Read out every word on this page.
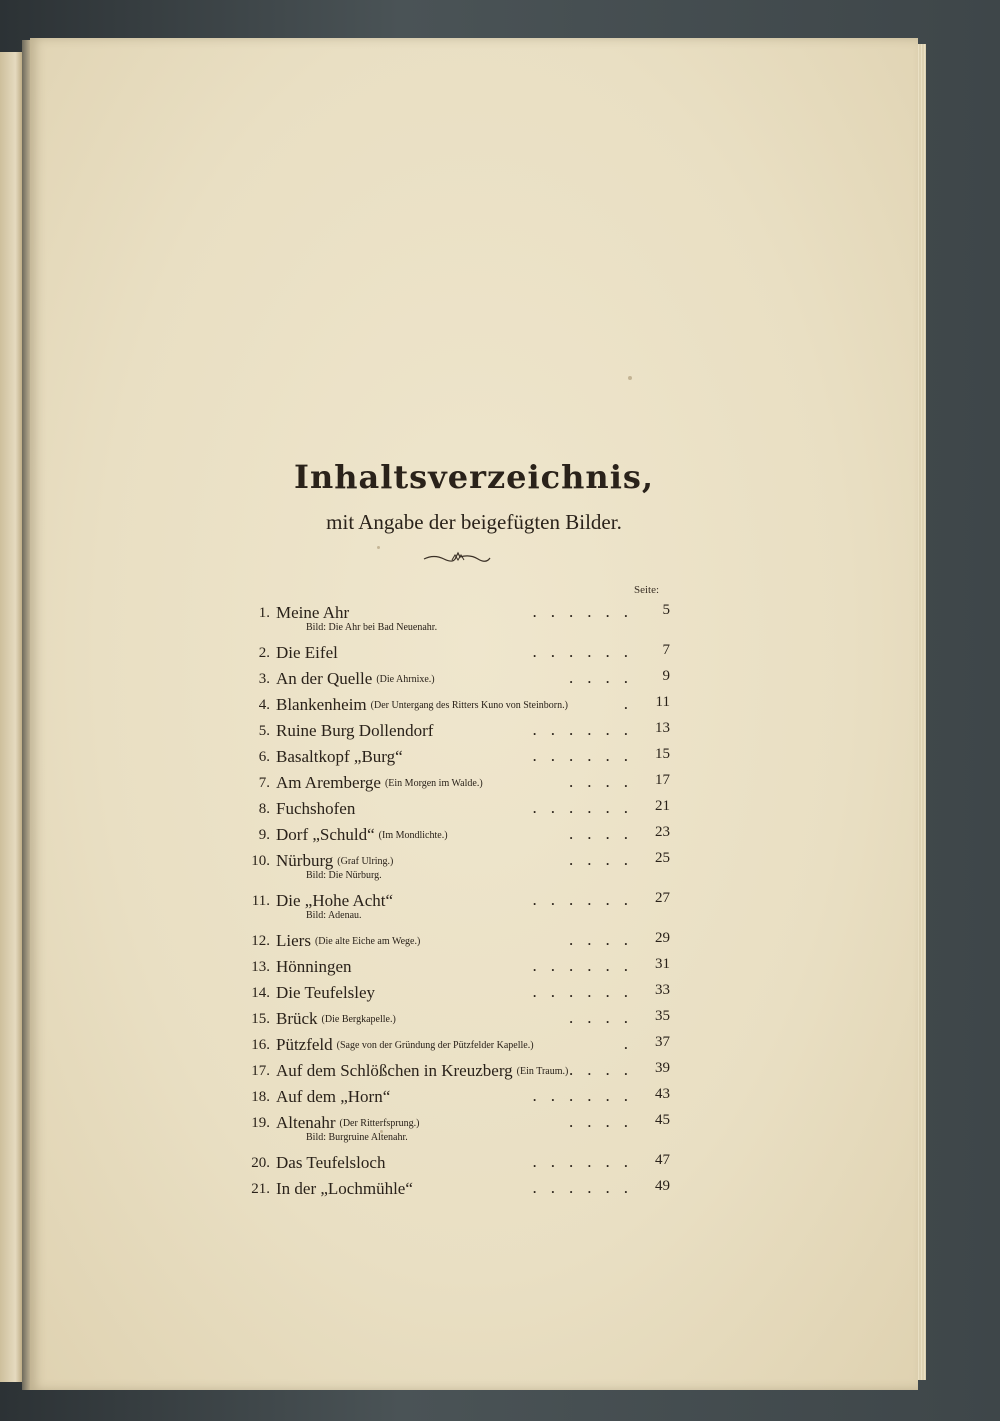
Inhaltsverzeichnis,
mit Angabe der beigefügten Bilder.
Seite:
1. Meine Ahr	......	5
Bild: Die Ahr bei Bad Neuenahr.
2. Die Eifel	......	7
3. An der Quelle (Die Ahrnixe.)	....	9
4. Blankenheim (Der Untergang des Ritters Kuno von Steinborn.)	. 11
5. Ruine Burg Dollendorf	...... 13
6. Basaltkopf „Burg“	...... 15
7. Am Aremberge (Ein Morgen im Walde.)	.... 17
8. Fuchshofen	...... 21
9. Dorf „Schuld“ (Im Mondlichte.)	.... 23
10. Nürburg (Graf Ulring.)	.... 25
Bild: Die Nürburg.
11. Die „Hohe Acht“	...... 27
Bild: Adenau.
12. Liers (Die alte Eiche am Wege.)	.... 29
13. Hönningen	...... 31
14. Die Teufelsley	...... 33
15. Brück (Die Bergkapelle.)	.... 35
16. Pützfeld (Sage von der Gründung der Pützfelder Kapelle.)	. 37
17. Auf dem Schlößchen in Kreuzberg (Ein Traum.) .... 39
18. Auf dem „Horn“	...... 43
19. Altenahr (Der Ritterfsprung.)	.... 45
Bild: Burgruine Altenahr.
20. Das Teufelsloch	...... 47
21. In der „Lochmühle“	...... 49
